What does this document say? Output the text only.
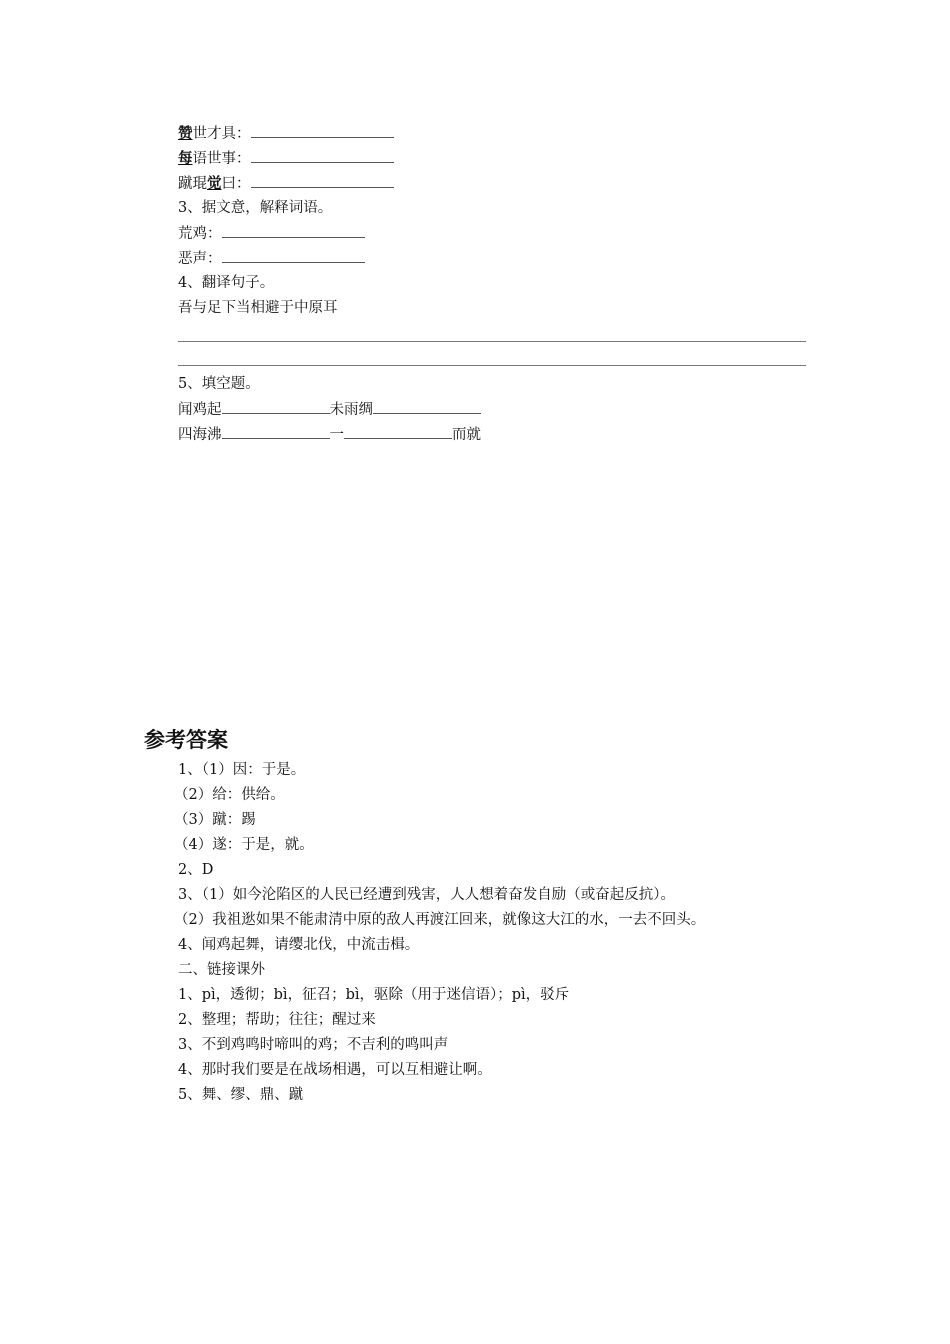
赞世才具：
每语世事：
蹴琨觉曰：
3、据文意，解释词语。
荒鸡：
恶声：
4、翻译句子。
吾与足下当相避于中原耳
5、填空题。
闻鸡起	未雨绸
四海沸	一	而就
参考答案
1、（1）因：于是。
（2）给：供给。
（3）蹴：踢
（4）遂：于是，就。
2、D
3、（1）如今沦陷区的人民已经遭到残害，人人想着奋发自励（或奋起反抗）。
（2）我祖逖如果不能肃清中原的敌人再渡江回来，就像这大江的水，一去不回头。
4、闻鸡起舞，请缨北伐，中流击楫。
二、链接课外
1、pì，透彻；bì，征召；bì，驱除（用于迷信语）；pì，驳斥
2、整理；帮助；往往；醒过来
3、不到鸡鸣时啼叫的鸡；不吉利的鸣叫声
4、那时我们要是在战场相遇，可以互相避让啊。
5、舞、缪、鼎、蹴
